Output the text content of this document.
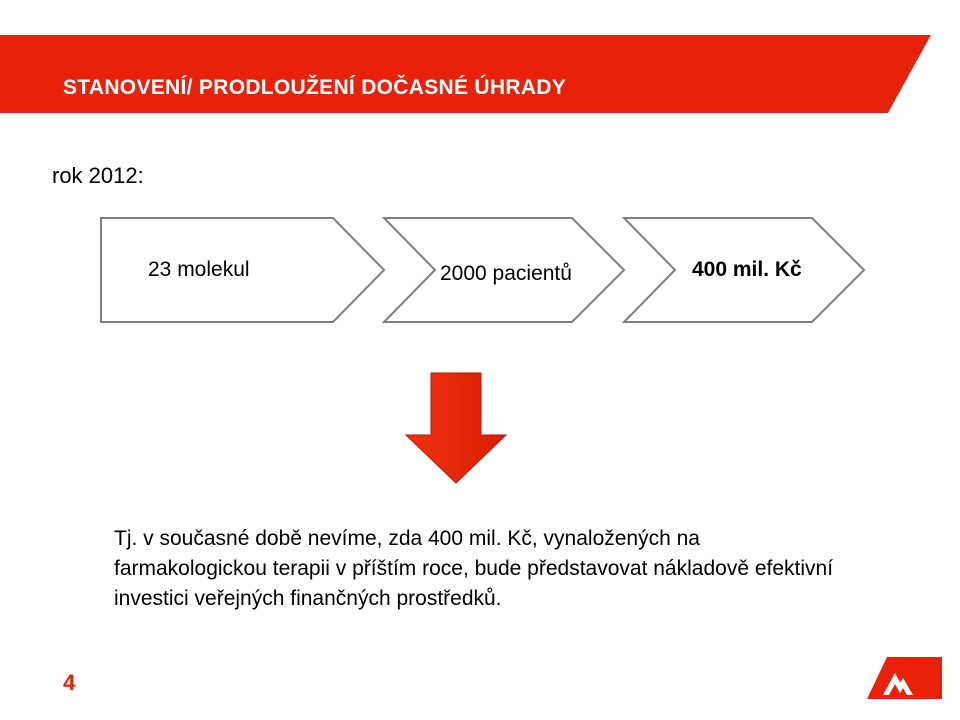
STANOVENÍ/ PRODLOUŽENÍ DOČASNÉ ÚHRADY
rok 2012:
23 molekul	2000 pacientů	400 mil. Kč
Tj. v současné době nevíme, zda 400 mil. Kč, vynaložených na farmakologickou terapii v příštím roce, bude představovat nákladově efektivní investici veřejných finančných prostředků.
4
